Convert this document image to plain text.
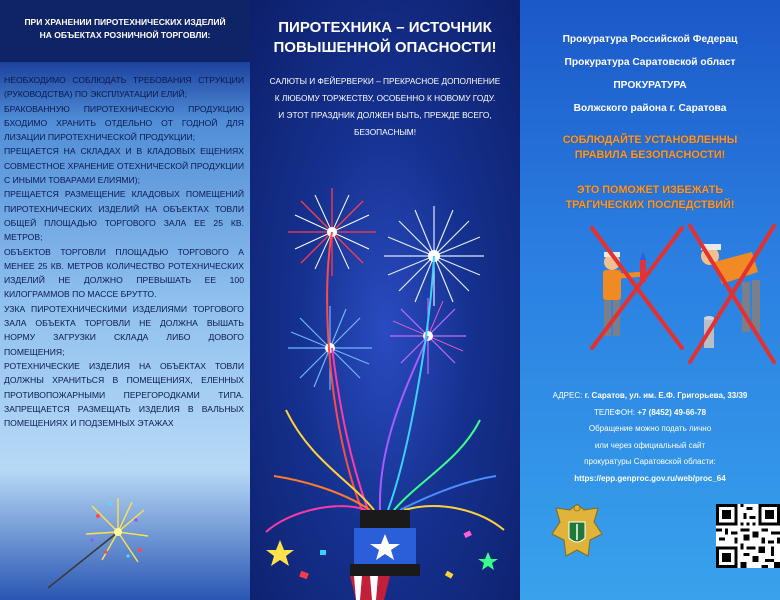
ПРИ ХРАНЕНИИ ПИРОТЕХНИЧЕСКИХ ИЗДЕЛИЙ
НА ОБЪЕКТАХ РОЗНИЧНОЙ ТОРГОВЛИ:

НЕОБХОДИМО СОБЛЮДАТЬ ТРЕБОВАНИЯ СТРУКЦИИ (РУКОВОДСТВА) ПО ЭКСПЛУАТАЦИИ ЕЛИЙ;

БРАКОВАННУЮ ПИРОТЕХНИЧЕСКУЮ ПРОДУКЦИЮ БХОДИМО ХРАНИТЬ ОТДЕЛЬНО ОТ ГОДНОЙ ДЛЯ ЛИЗАЦИИ ПИРОТЕХНИЧЕСКОЙ ПРОДУКЦИИ;

ПРЕЩАЕТСЯ НА СКЛАДАХ И В КЛАДОВЫХ ЕЩЕНИЯХ СОВМЕСТНОЕ ХРАНЕНИЕ ОТЕХНИЧЕСКОЙ ПРОДУКЦИИ С ИНЫМИ ТОВАРАМИ ЕЛИЯМИ);

ПРЕЩАЕТСЯ РАЗМЕЩЕНИЕ КЛАДОВЫХ ПОМЕЩЕНИЙ ПИРОТЕХНИЧЕСКИХ ИЗДЕЛИЙ НА ОБЪЕКТАХ ТОВЛИ ОБЩЕЙ ПЛОЩАДЬЮ ТОРГОВОГО ЗАЛА ЕЕ 25 КВ. МЕТРОВ;

ОБЪЕКТОВ ТОРГОВЛИ ПЛОЩАДЬЮ ТОРГОВОГО А МЕНЕЕ 25 КВ. МЕТРОВ КОЛИЧЕСТВО РОТЕХНИЧЕСКИХ ИЗДЕЛИЙ НЕ ДОЛЖНО ПРЕВЫШАТЬ ЕЕ 100 КИЛОГРАММОВ ПО МАССЕ БРУТТО.

УЗКА ПИРОТЕХНИЧЕСКИМИ ИЗДЕЛИЯМИ ТОРГОВОГО ЗАЛА ОБЪЕКТА ТОРГОВЛИ НЕ ДОЛЖНА ВЫШАТЬ НОРМУ ЗАГРУЗКИ СКЛАДА ЛИБО ДОВОГО ПОМЕЩЕНИЯ;

РОТЕХНИЧЕСКИЕ ИЗДЕЛИЯ НА ОБЪЕКТАХ ТОВЛИ ДОЛЖНЫ ХРАНИТЬСЯ В ПОМЕЩЕНИЯХ, ЕЛЕННЫХ ПРОТИВОПОЖАРНЫМИ ПЕРЕГОРОДКАМИ ТИПА. ЗАПРЕЩАЕТСЯ РАЗМЕЩАТЬ ИЗДЕЛИЯ В ВАЛЬНЫХ ПОМЕЩЕНИЯХ И ПОДЗЕМНЫХ ЭТАЖАХ

ПИРОТЕХНИКА – ИСТОЧНИК
ПОВЫШЕННОЙ ОПАСНОСТИ!
САЛЮТЫ И ФЕЙЕРВЕРКИ – ПРЕКРАСНОЕ ДОПОЛНЕНИЕ
К ЛЮБОМУ ТОРЖЕСТВУ, ОСОБЕННО К НОВОМУ ГОДУ.
И ЭТОТ ПРАЗДНИК ДОЛЖЕН БЫТЬ, ПРЕЖДЕ ВСЕГО,
БЕЗОПАСНЫМ!
Прокуратура Российской Федерац
Прокуратура Саратовской област
ПРОКУРАТУРА
Волжского района г. Саратова
СОБЛЮДАЙТЕ УСТАНОВЛЕННЫ
ПРАВИЛА БЕЗОПАСНОСТИ!
ЭТО ПОМОЖЕТ ИЗБЕЖАТЬ
ТРАГИЧЕСКИХ ПОСЛЕДСТВИЙ!
АДРЕС: г. Саратов, ул. им. Е.Ф. Григорьева, 33/39
ТЕЛЕФОН: +7 (8452) 49-66-78
Обращение можно подать лично
или через официальный сайт
прокуратуры Саратовской области:
https://epp.genproc.gov.ru/web/proc_64
